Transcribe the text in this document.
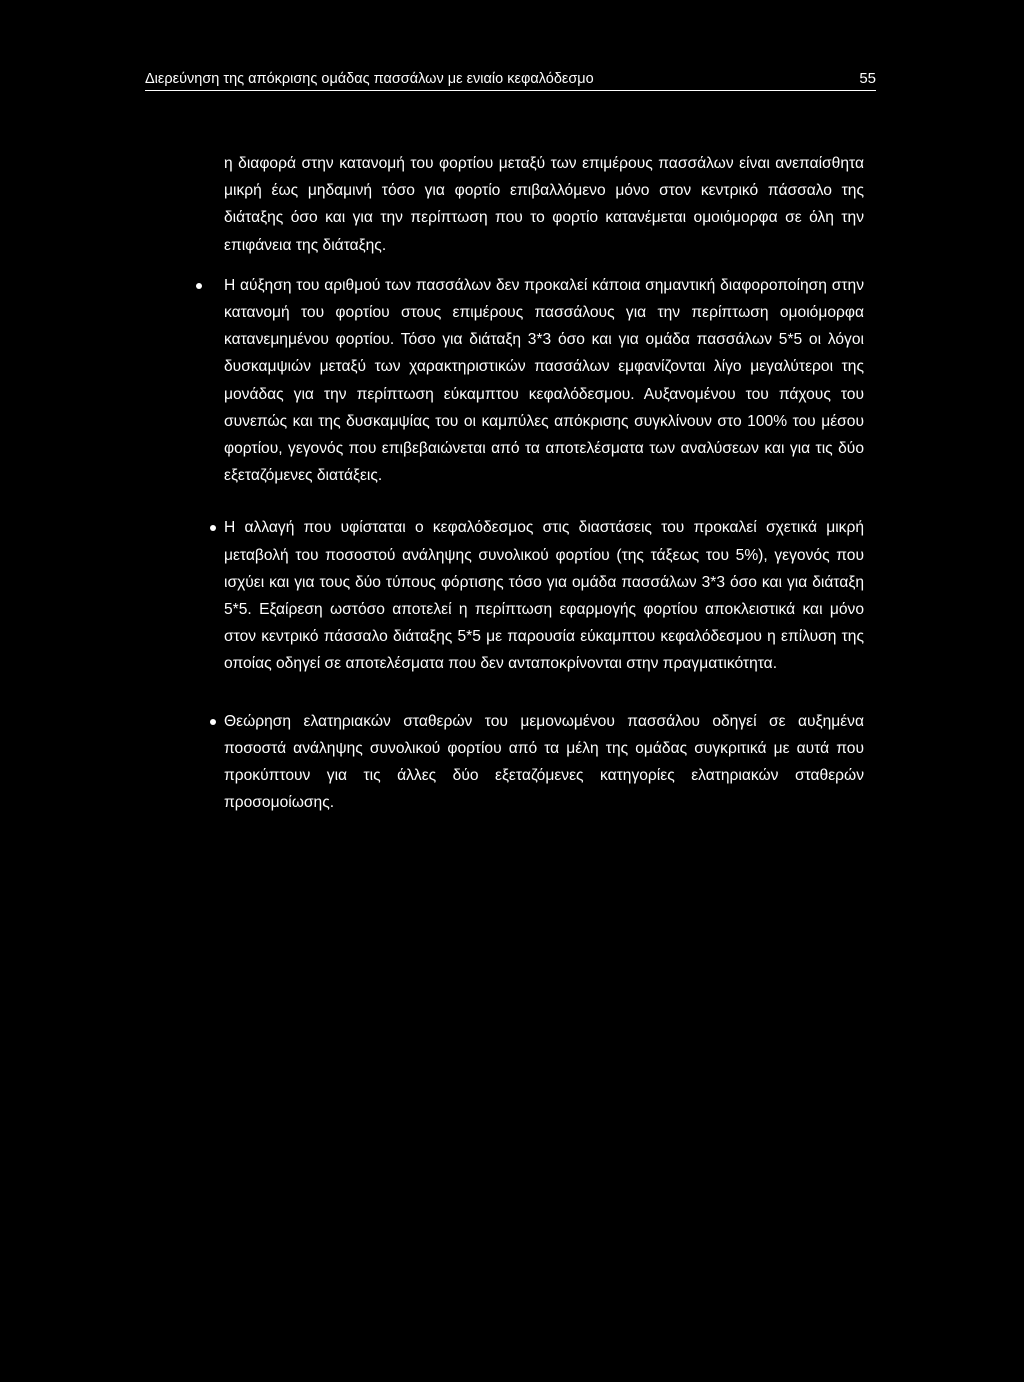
Διερεύνηση της απόκρισης ομάδας πασσάλων με ενιαίο κεφαλόδεσμο	55

η διαφορά στην κατανομή του φορτίου μεταξύ των επιμέρους πασσάλων είναι ανεπαίσθητα μικρή έως μηδαμινή τόσο για φορτίο επιβαλλόμενο μόνο στον κεντρικό πάσσαλο της διάταξης όσο και για την περίπτωση που το φορτίο κατανέμεται ομοιόμορφα σε όλη την επιφάνεια της διάταξης.

Η αύξηση του αριθμού των πασσάλων δεν προκαλεί κάποια σημαντική διαφοροποίηση στην κατανομή του φορτίου στους επιμέρους πασσάλους για την περίπτωση ομοιόμορφα κατανεμημένου φορτίου. Τόσο για διάταξη 3*3 όσο και για ομάδα πασσάλων 5*5 οι λόγοι δυσκαμψιών μεταξύ των χαρακτηριστικών πασσάλων εμφανίζονται λίγο μεγαλύτεροι της μονάδας για την περίπτωση εύκαμπτου κεφαλόδεσμου. Αυξανομένου του πάχους του συνεπώς και της δυσκαμψίας του οι καμπύλες απόκρισης συγκλίνουν στο 100% του μέσου φορτίου, γεγονός που επιβεβαιώνεται από τα αποτελέσματα των αναλύσεων και για τις δύο εξεταζόμενες διατάξεις.
Η αλλαγή που υφίσταται ο κεφαλόδεσμος στις διαστάσεις του προκαλεί σχετικά μικρή μεταβολή του ποσοστού ανάληψης συνολικού φορτίου (της τάξεως του 5%), γεγονός που ισχύει και για τους δύο τύπους φόρτισης τόσο για ομάδα πασσάλων 3*3 όσο και για διάταξη 5*5. Εξαίρεση ωστόσο αποτελεί η περίπτωση εφαρμογής φορτίου αποκλειστικά και μόνο στον κεντρικό πάσσαλο διάταξης 5*5 με παρουσία εύκαμπτου κεφαλόδεσμου η επίλυση της οποίας οδηγεί σε αποτελέσματα που δεν ανταποκρίνονται στην πραγματικότητα.
Θεώρηση ελατηριακών σταθερών του μεμονωμένου πασσάλου οδηγεί σε αυξημένα ποσοστά ανάληψης συνολικού φορτίου από τα μέλη της ομάδας συγκριτικά με αυτά που προκύπτουν για τις άλλες δύο εξεταζόμενες κατηγορίες ελατηριακών σταθερών προσομοίωσης.
